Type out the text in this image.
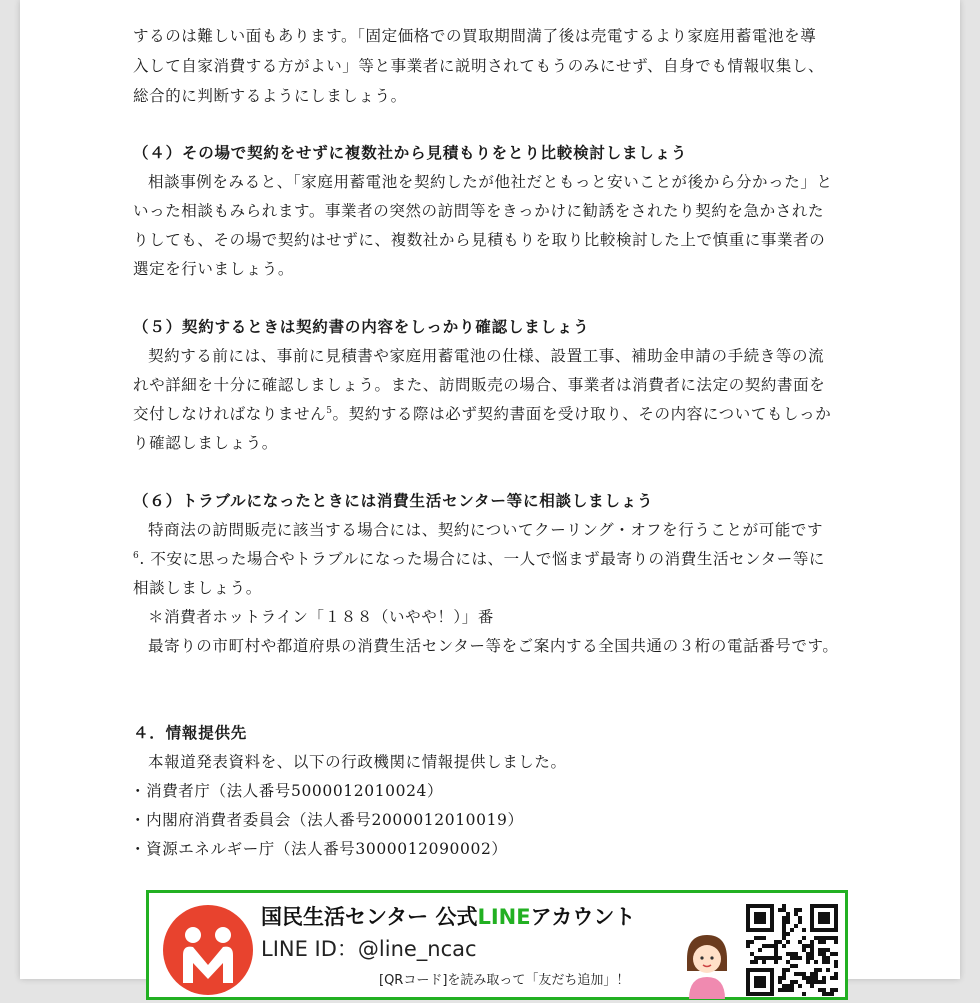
するのは難しい面もあります。「固定価格での買取期間満了後は売電するより家庭用蓄電池を導
入して自家消費する方がよい」等と事業者に説明されてもうのみにせず、自身でも情報収集し、
総合的に判断するようにしましょう。
（４）その場で契約をせずに複数社から見積もりをとり比較検討しましょう
相談事例をみると、「家庭用蓄電池を契約したが他社だともっと安いことが後から分かった」と
いった相談もみられます。事業者の突然の訪問等をきっかけに勧誘をされたり契約を急かされた
りしても、その場で契約はせずに、複数社から見積もりを取り比較検討した上で慎重に事業者の
選定を行いましょう。
（５）契約するときは契約書の内容をしっかり確認しましょう
契約する前には、事前に見積書や家庭用蓄電池の仕様、設置工事、補助金申請の手続き等の流
れや詳細を十分に確認しましょう。また、訪問販売の場合、事業者は消費者に法定の契約書面を
交付しなければなりません$^5$。契約する際は必ず契約書面を受け取り、その内容についてもしっか
り確認しましょう。
（６）トラブルになったときには消費生活センター等に相談しましょう
特商法の訪問販売に該当する場合には、契約についてクーリング・オフを行うことが可能です
$^6$. 不安に思った場合やトラブルになった場合には、一人で悩まず最寄りの消費生活センター等に
相談しましょう。
＊消費者ホットライン「１８８（いやや！）」番
最寄りの市町村や都道府県の消費生活センター等をご案内する全国共通の３桁の電話番号です。
４．情報提供先
本報道発表資料を、以下の行政機関に情報提供しました。
・消費者庁（法人番号5000012010024）
・内閣府消費者委員会（法人番号2000012010019）
・資源エネルギー庁（法人番号3000012090002）
国民生活センター 公式LINEアカウント
LINE ID：@line_ncac
[QRコード]を読み取って「友だち追加」！
